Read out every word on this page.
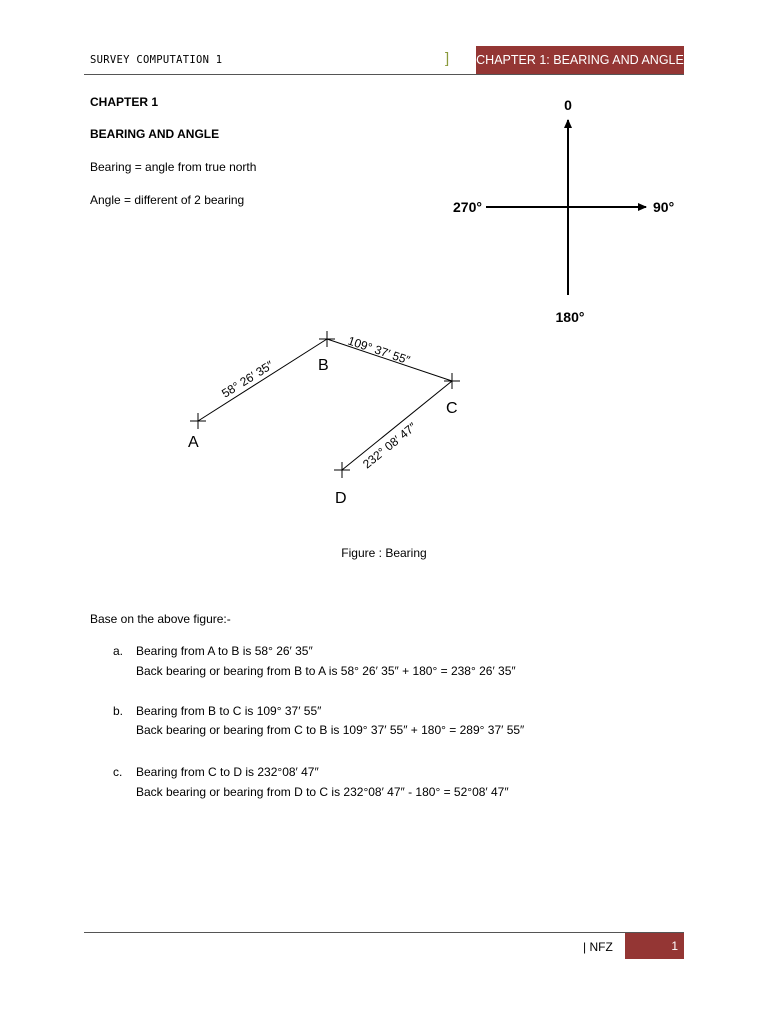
SURVEY COMPUTATION 1	] CHAPTER 1: BEARING AND ANGLE
CHAPTER 1
BEARING AND ANGLE
Bearing = angle from true north
Angle = different of 2 bearing
0
90°
180°
270°
A
B
C
D
58° 26′ 35″
109° 37′ 55″
232° 08′ 47″
Figure : Bearing
Base on the above figure:-
a. Bearing from A to B is 58° 26′ 35″
Back bearing or bearing from B to A is 58° 26′ 35″ + 180° = 238° 26′ 35″
b. Bearing from B to C is 109° 37′ 55″
Back bearing or bearing from C to B is 109° 37′ 55″ + 180° = 289° 37′ 55″
c. Bearing from C to D is 232°08′ 47″
Back bearing or bearing from D to C is 232°08′ 47″ - 180° = 52°08′ 47″
| NFZ	1
